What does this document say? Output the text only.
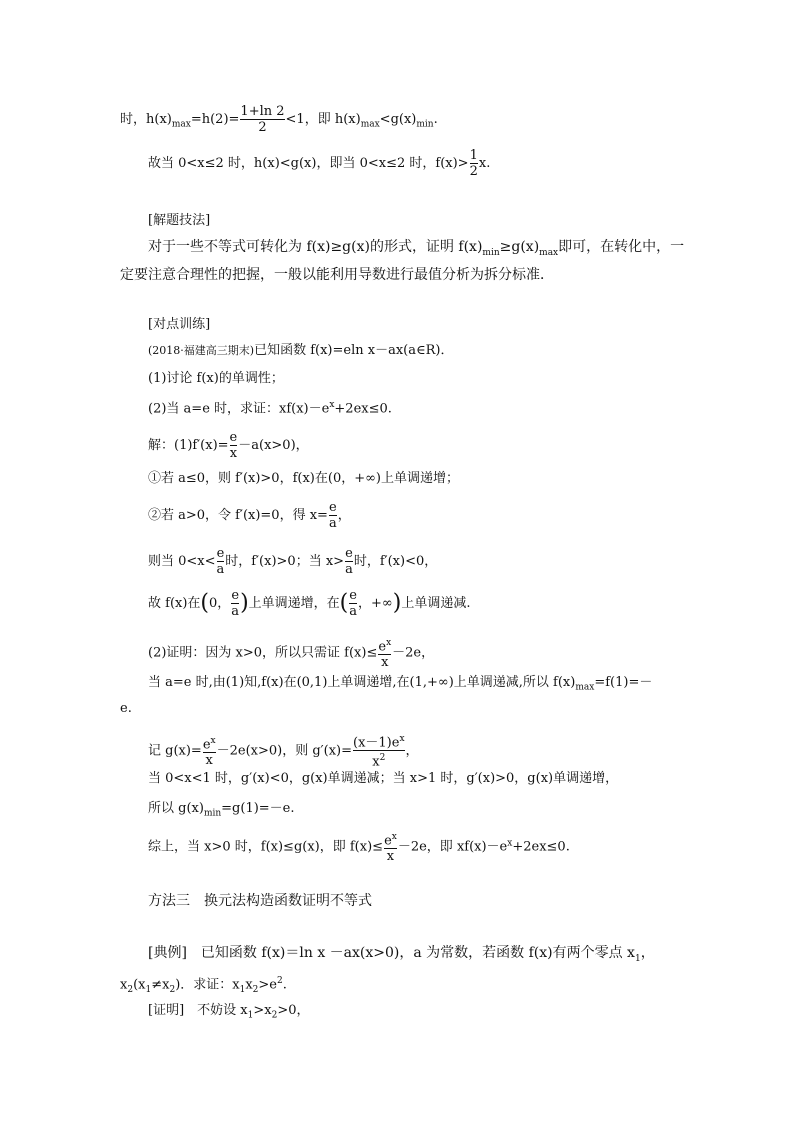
时，$h(x)_{max}=h(2)= \frac{1+\ln 2}{2} <1$，即 $h(x)_{max}<g(x)_{min}$.
故当 0<x≤2 时，h(x)<g(x)，即当 0<x≤2 时，$f(x)> \frac{1}{2} x$.
[解题技法]
对于一些不等式可转化为 f(x)≥g(x)的形式，证明 $f(x)_{min}\ge g(x)_{max}$即可，在转化中，一
定要注意合理性的把握，一般以能利用导数进行最值分析为拆分标准．
[对点训练]
(2018·福建高三期末)已知函数 f(x)=eln x－ax(a∈R)．
(1)讨论 f(x)的单调性；
(2)当 a=e 时，求证：$xf(x)-e^x+2ex\le 0$.
解：$(1)f'(x)= \frac{e}{x} -a(x>0)$，
①若 a≤0，则 f′(x)>0，f(x)在(0，+∞)上单调递增；
②若 a>0，令 f′(x)=0，得 $x= \frac{e}{a}$ ，
则当 $0<x< \frac{e}{a}$ 时，f′(x)>0；当 $x> \frac{e}{a}$ 时，f′(x)<0，
故 f(x)在(0， $\frac{e}{a}$ )上单调递增，在( $\frac{e}{a}$ ，+∞)上单调递减.
(2)证明：因为 x>0，所以只需证 $f(x)\le \frac{e^x}{x} -2e$，
当 a=e 时,由(1)知,f(x)在(0,1)上单调递增,在(1,+∞)上单调递减,所以 $f(x)_{max}=f(1)=-$
e.
记 $g(x)= \frac{e^x}{x} -2e(x>0)$，则 $g'(x)= \frac{(x-1)e^x}{x^2}$ ，
当 0<x<1 时，g′(x)<0，g(x)单调递减；当 x>1 时，g′(x)>0，g(x)单调递增，
所以 $g(x)_{min}=g(1)=-e$.
综上，当 x>0 时，f(x)≤g(x)，即 $f(x)\le \frac{e^x}{x} -2e$，即 $xf(x)-e^x+2ex\le 0$.
方法三　换元法构造函数证明不等式
[典例]　已知函数 f(x)＝ln x －ax(x>0)，a 为常数，若函数 f(x)有两个零点 $x_1$，
$x_2(x_1\ne x_2)$．求证：$x_1x_2>e^2$.
[证明]　不妨设 $x_1>x_2>0$，
